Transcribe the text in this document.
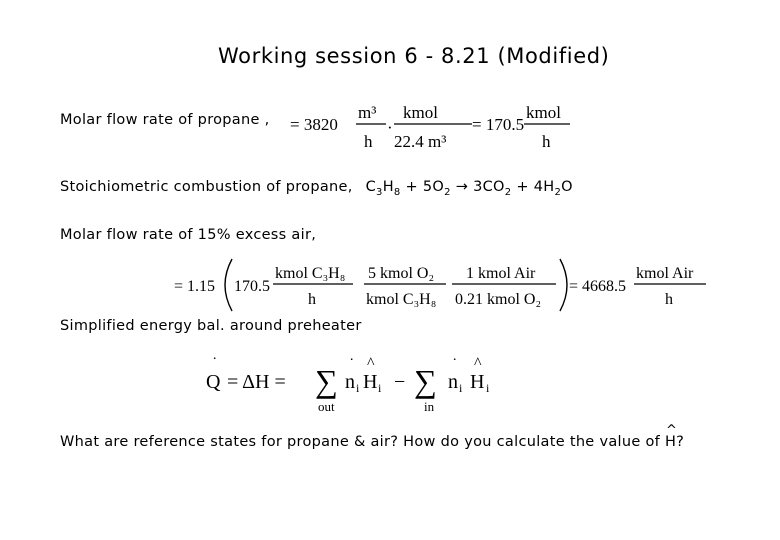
Working session 6 - 8.21 (Modified)
Molar flow rate of propane , = 3820
m³
h
·
kmol
22.4 m³
= 170.5
kmol
h
Stoichiometric combustion of propane, $C_3H_8 + 5O_2 \to 3CO_2 + 4H_2O$
Molar flow rate of 15% excess air,
= 1.15 170.5
kmol C₃H₈
h
5 kmol O₂
kmol C₃H₈
1 kmol Air
0.21 kmol O₂
= 4668.5
kmol Air
h
Simplified energy bal. around preheater
Q
˙
= ΔH = ∑
out
˙
n i
^
H i − ∑
in
˙
n i
^
H i
What are reference states for propane & air? How do you calculate the value of
^
H?
